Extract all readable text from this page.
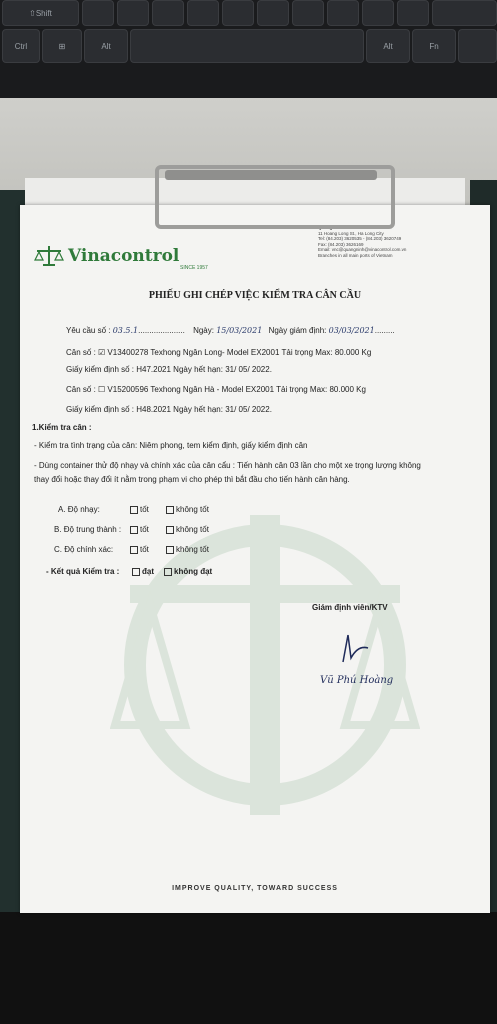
⇧Shift
Ctrl	⊞	Alt	Alt	Fn
Vinacontrol
SINCE 1957
Quang Ninh Branch:
11 Hoang Long St., Ha Long City
Tel: (84.203) 3620535 - (84.203) 3620749
Fax: (84.203) 3626169
Email: vnc@quangninh@vinacontrol.com.vn
Branches in all main ports of Vietnam
PHIẾU GHI CHÉP VIỆC KIỂM TRA CÂN CẦU
Yêu cầu số : 03.5.1..................... Ngày: 15/03/2021 Ngày giám định: 03/03/2021.........
Cân số : ☑ V13400278 Texhong Ngân Long- Model EX2001 Tải trọng Max: 80.000 Kg
Giấy kiểm định số : H47.2021 Ngày hết hạn: 31/ 05/ 2022.
Cân số : ☐ V15200596 Texhong Ngân Hà - Model EX2001 Tải trọng Max: 80.000 Kg
Giấy kiểm định số : H48.2021 Ngày hết hạn: 31/ 05/ 2022.
1.Kiểm tra cân :
- Kiểm tra tình trạng của cân: Niêm phong, tem kiểm định, giấy kiểm định cân
- Dùng container thử độ nhạy và chính xác của cân cẩu : Tiến hành cân 03 lần cho một xe trọng lượng không
thay đổi hoặc thay đổi ít nằm trong phạm vi cho phép thì bắt đầu cho tiến hành cân hàng.
A. Độ nhạy:	tốt	không tốt
B. Độ trung thành :	tốt	không tốt
C. Độ chính xác:	tốt	không tốt
- Kết quả Kiểm tra :	đạt	không đạt
Giám định viên/KTV
Vũ Phú Hoàng
IMPROVE QUALITY, TOWARD SUCCESS
